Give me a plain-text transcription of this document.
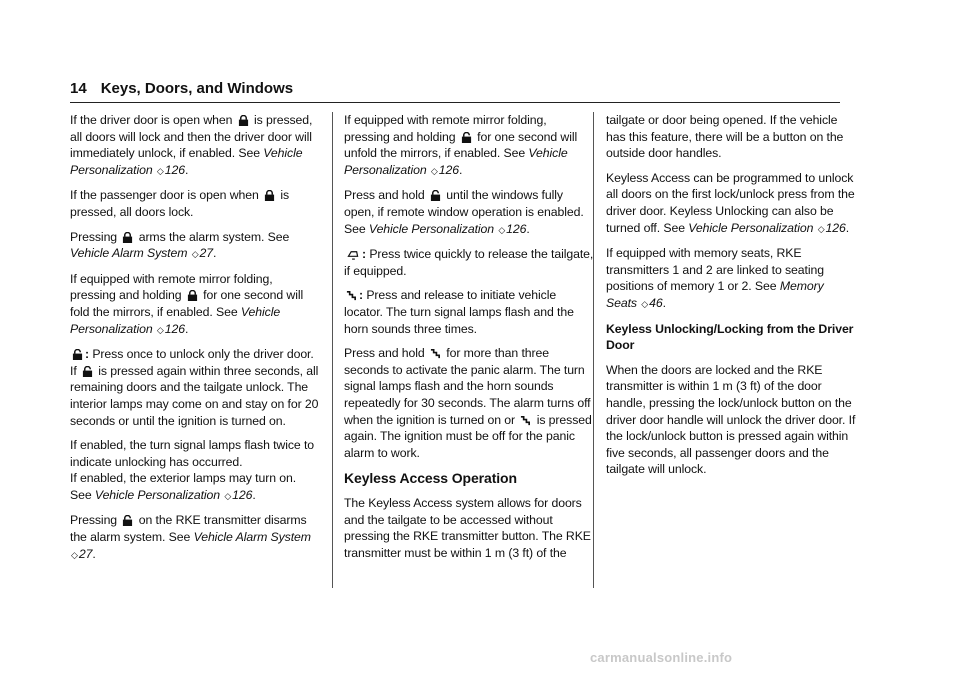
14 Keys, Doors, and Windows

If the driver door is open when is pressed, all doors will lock and then the driver door will immediately unlock, if enabled. See Vehicle Personalization ◇126.

If the passenger door is open when is pressed, all doors lock.

Pressing arms the alarm system. See Vehicle Alarm System ◇27.

If equipped with remote mirror folding, pressing and holding for one second will fold the mirrors, if enabled. See Vehicle Personalization ◇126.

: Press once to unlock only the driver door. If is pressed again within three seconds, all remaining doors and the tailgate unlock. The interior lamps may come on and stay on for 20 seconds or until the ignition is turned on.

If enabled, the turn signal lamps flash twice to indicate unlocking has occurred.
If enabled, the exterior lamps may turn on. See Vehicle Personalization ◇126.

Pressing on the RKE transmitter disarms the alarm system. See Vehicle Alarm System ◇27.

If equipped with remote mirror folding, pressing and holding for one second will unfold the mirrors, if enabled. See Vehicle Personalization ◇126.

Press and hold until the windows fully open, if remote window operation is enabled. See Vehicle Personalization ◇126.

: Press twice quickly to release the tailgate, if equipped.

: Press and release to initiate vehicle locator. The turn signal lamps flash and the horn sounds three times.

Press and hold for more than three seconds to activate the panic alarm. The turn signal lamps flash and the horn sounds repeatedly for 30 seconds. The alarm turns off when the ignition is turned on or is pressed again. The ignition must be off for the panic alarm to work.

Keyless Access Operation

The Keyless Access system allows for doors and the tailgate to be accessed without pressing the RKE transmitter button. The RKE transmitter must be within 1 m (3 ft) of the

tailgate or door being opened. If the vehicle has this feature, there will be a button on the outside door handles.

Keyless Access can be programmed to unlock all doors on the first lock/unlock press from the driver door. Keyless Unlocking can also be turned off. See Vehicle Personalization ◇126.

If equipped with memory seats, RKE transmitters 1 and 2 are linked to seating positions of memory 1 or 2. See Memory Seats ◇46.

Keyless Unlocking/Locking from the Driver Door

When the doors are locked and the RKE transmitter is within 1 m (3 ft) of the door handle, pressing the lock/unlock button on the driver door handle will unlock the driver door. If the lock/unlock button is pressed again within five seconds, all passenger doors and the tailgate will unlock.

carmanualsonline.info
